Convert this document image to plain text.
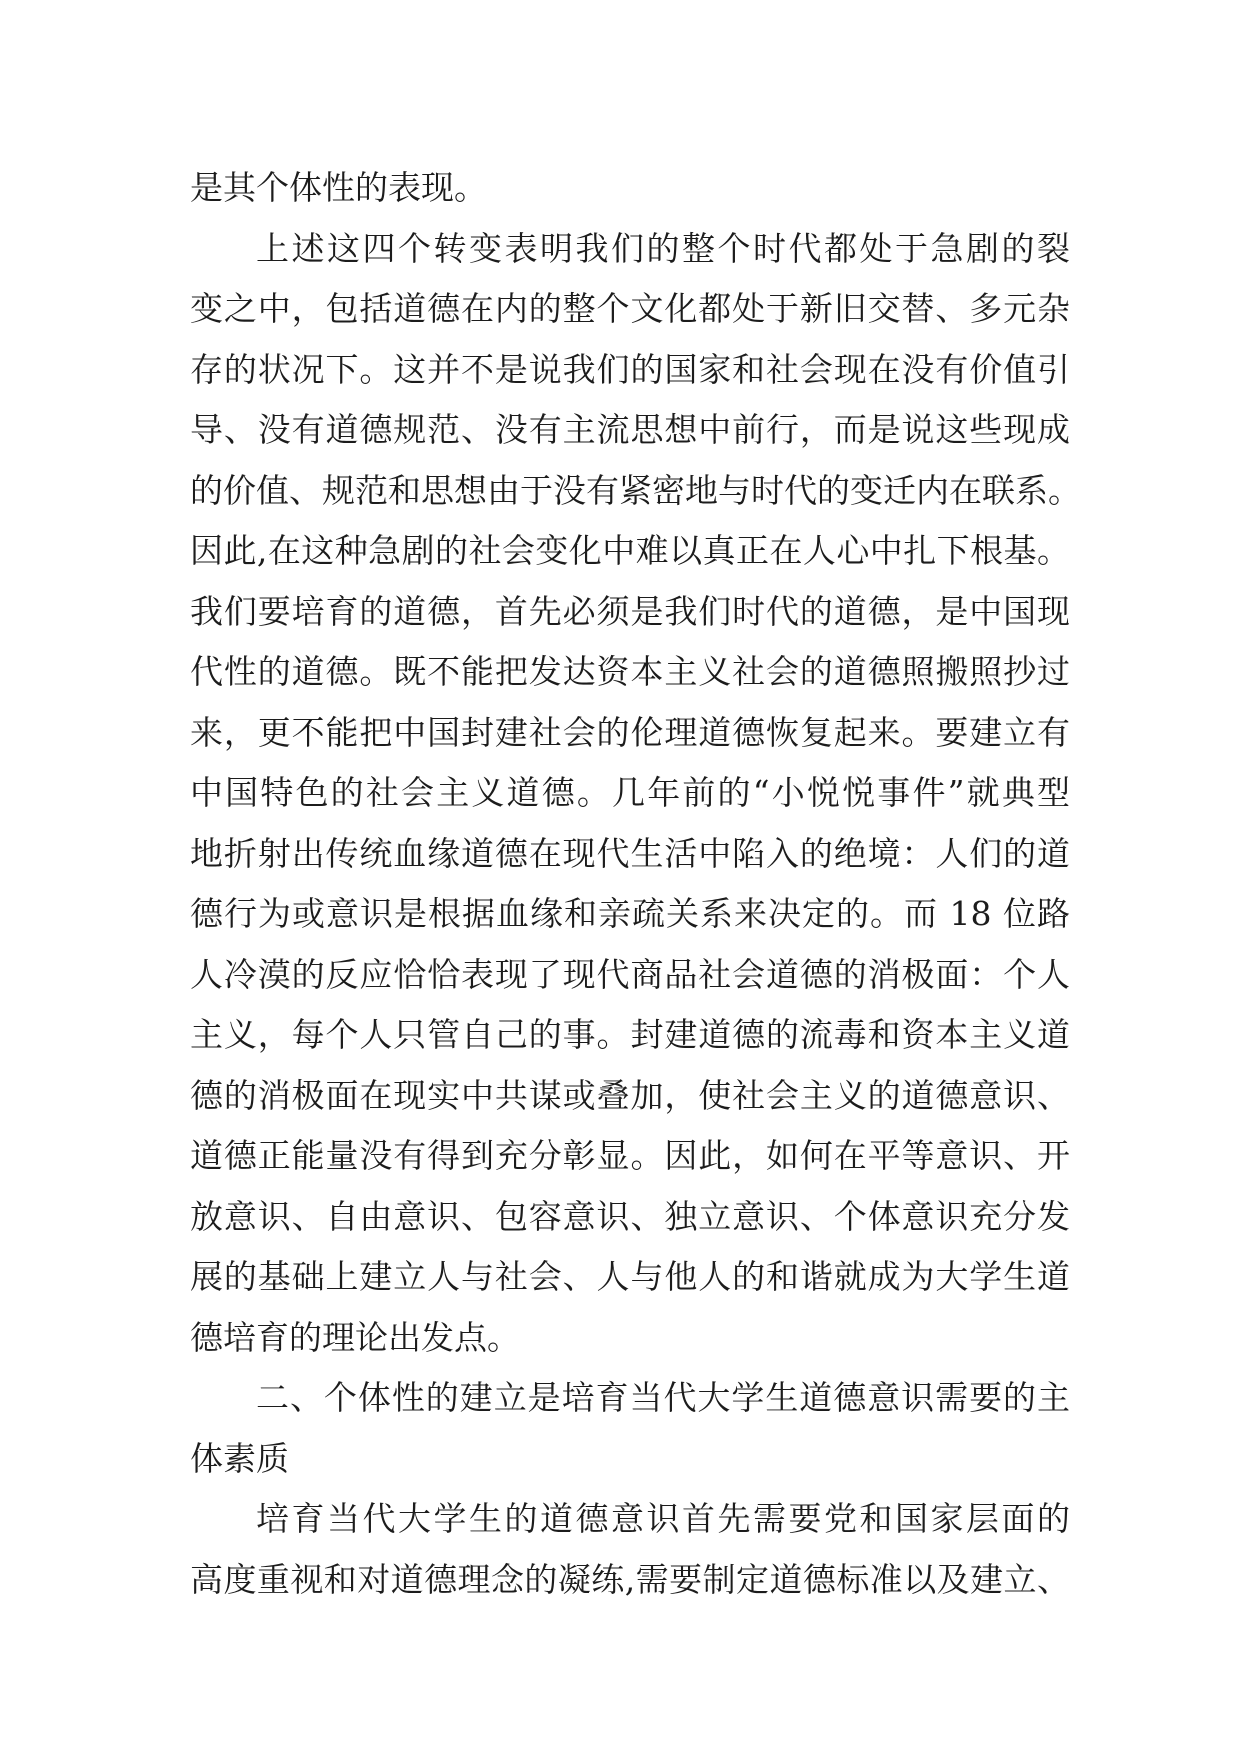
是其个体性的表现。
上述这四个转变表明我们的整个时代都处于急剧的裂
变之中，包括道德在内的整个文化都处于新旧交替、多元杂
存的状况下。这并不是说我们的国家和社会现在没有价值引
导、没有道德规范、没有主流思想中前行，而是说这些现成
的价值、规范和思想由于没有紧密地与时代的变迁内在联系。
因此,在这种急剧的社会变化中难以真正在人心中扎下根基。
我们要培育的道德，首先必须是我们时代的道德，是中国现
代性的道德。既不能把发达资本主义社会的道德照搬照抄过
来，更不能把中国封建社会的伦理道德恢复起来。要建立有
中国特色的社会主义道德。几年前的“小悦悦事件”就典型
地折射出传统血缘道德在现代生活中陷入的绝境：人们的道
德行为或意识是根据血缘和亲疏关系来决定的。而 18 位路
人冷漠的反应恰恰表现了现代商品社会道德的消极面：个人
主义，每个人只管自己的事。封建道德的流毒和资本主义道
德的消极面在现实中共谋或叠加，使社会主义的道德意识、
道德正能量没有得到充分彰显。因此，如何在平等意识、开
放意识、自由意识、包容意识、独立意识、个体意识充分发
展的基础上建立人与社会、人与他人的和谐就成为大学生道
德培育的理论出发点。
二、个体性的建立是培育当代大学生道德意识需要的主
体素质
培育当代大学生的道德意识首先需要党和国家层面的
高度重视和对道德理念的凝练,需要制定道德标准以及建立、
